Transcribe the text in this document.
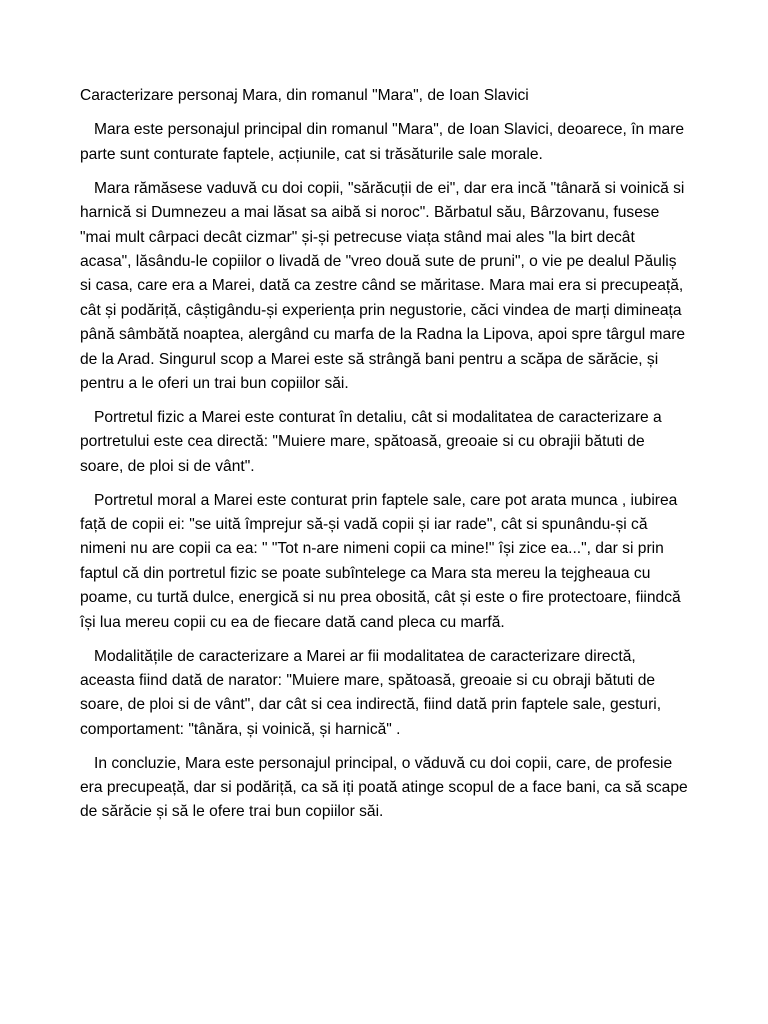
Caracterizare personaj Mara, din romanul "Mara", de Ioan Slavici

Mara este personajul principal din romanul "Mara", de Ioan Slavici, deoarece, în mare parte sunt conturate faptele, acțiunile, cat si trăsăturile sale morale.

Mara rămăsese vaduvă cu doi copii, "sărăcuții de ei", dar era incă "tânară si voinică si harnică si Dumnezeu a mai lăsat sa aibă si noroc". Bărbatul său, Bârzovanu, fusese "mai mult cârpaci decât cizmar" și-și petrecuse viața stând mai ales "la birt decât acasa", lăsându-le copiilor o livadă de "vreo două sute de pruni", o vie pe dealul Păuliș si casa, care era a Marei, dată ca zestre când se măritase. Mara mai era si precupeață, cât și podăriță, câștigându-și experiența prin negustorie, căci vindea de marți dimineața până sâmbătă noaptea, alergând cu marfa de la Radna la Lipova, apoi spre târgul mare de la Arad. Singurul scop a Marei este să strângă bani pentru a scăpa de sărăcie, și pentru a le oferi un trai bun copiilor săi.

Portretul fizic a Marei este conturat în detaliu, cât si modalitatea de caracterizare a portretului este cea directă: "Muiere mare, spătoasă, greoaie si cu obrajii bătuti de soare, de ploi si de vânt".

Portretul moral a Marei este conturat prin faptele sale, care pot arata munca , iubirea față de copii ei: "se uită împrejur să-și vadă copii și iar rade", cât si spunându-și că nimeni nu are copii ca ea: " "Tot n-are nimeni copii ca mine!" își zice ea...", dar si prin faptul că din portretul fizic se poate subîntelege ca Mara sta mereu la tejgheaua cu poame, cu turtă dulce, energică si nu prea obosită, cât și este o fire protectoare, fiindcă își lua mereu copii cu ea de fiecare dată cand pleca cu marfă.

Modalitățile de caracterizare a Marei ar fii modalitatea de caracterizare directă, aceasta fiind dată de narator: "Muiere mare, spătoasă, greoaie si cu obraji bătuti de soare, de ploi si de vânt", dar cât si cea indirectă, fiind dată prin faptele sale, gesturi, comportament: "tânăra, și voinică, și harnică" .

In concluzie, Mara este personajul principal, o văduvă cu doi copii, care, de profesie era precupeață, dar si podăriță, ca să iți poată atinge scopul de a face bani, ca să scape de sărăcie și să le ofere trai bun copiilor săi.
